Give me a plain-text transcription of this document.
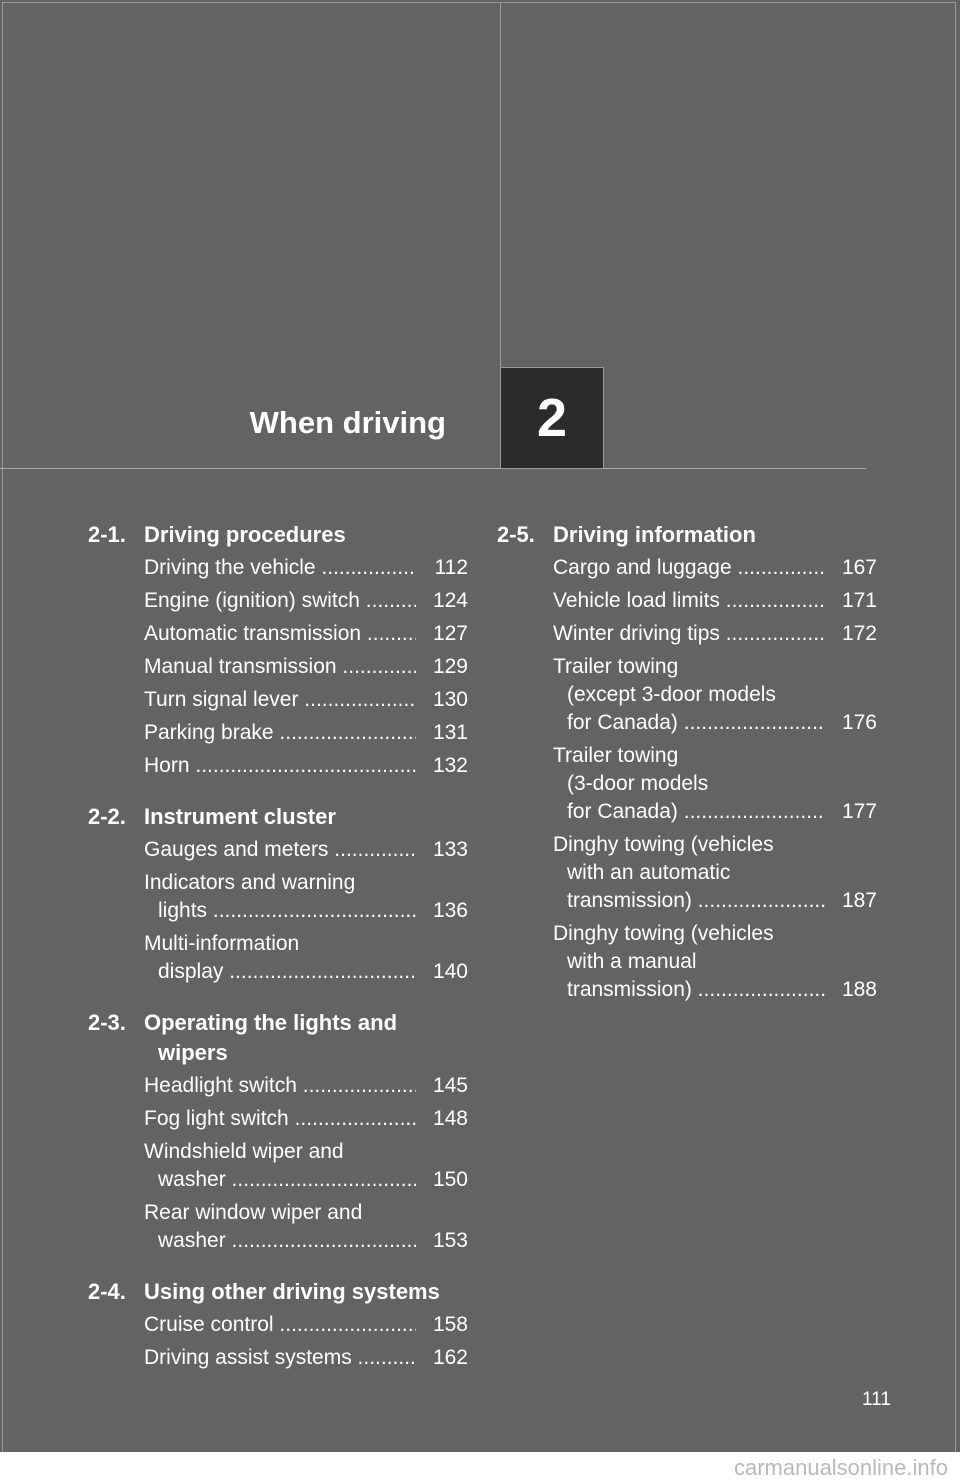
When driving 2
2-1. Driving procedures
Driving the vehicle .....	112
Engine (ignition) switch .....	124
Automatic transmission .....	127
Manual transmission .....	129
Turn signal lever .....	130
Parking brake .....	131
Horn .....	132
2-2. Instrument cluster
Gauges and meters .....	133
Indicators and warning
lights .....	136
Multi-information
display .....	140
2-3. Operating the lights and
wipers
Headlight switch .....	145
Fog light switch .....	148
Windshield wiper and
washer .....	150
Rear window wiper and
washer .....	153
2-4. Using other driving systems
Cruise control .....	158
Driving assist systems .....	162
2-5. Driving information
Cargo and luggage .....	167
Vehicle load limits .....	171
Winter driving tips .....	172
Trailer towing
(except 3-door models
for Canada) .....	176
Trailer towing
(3-door models
for Canada) .....	177
Dinghy towing (vehicles
with an automatic
transmission) .....	187
Dinghy towing (vehicles
with a manual
transmission) .....	188
111
carmanualsonline.info
